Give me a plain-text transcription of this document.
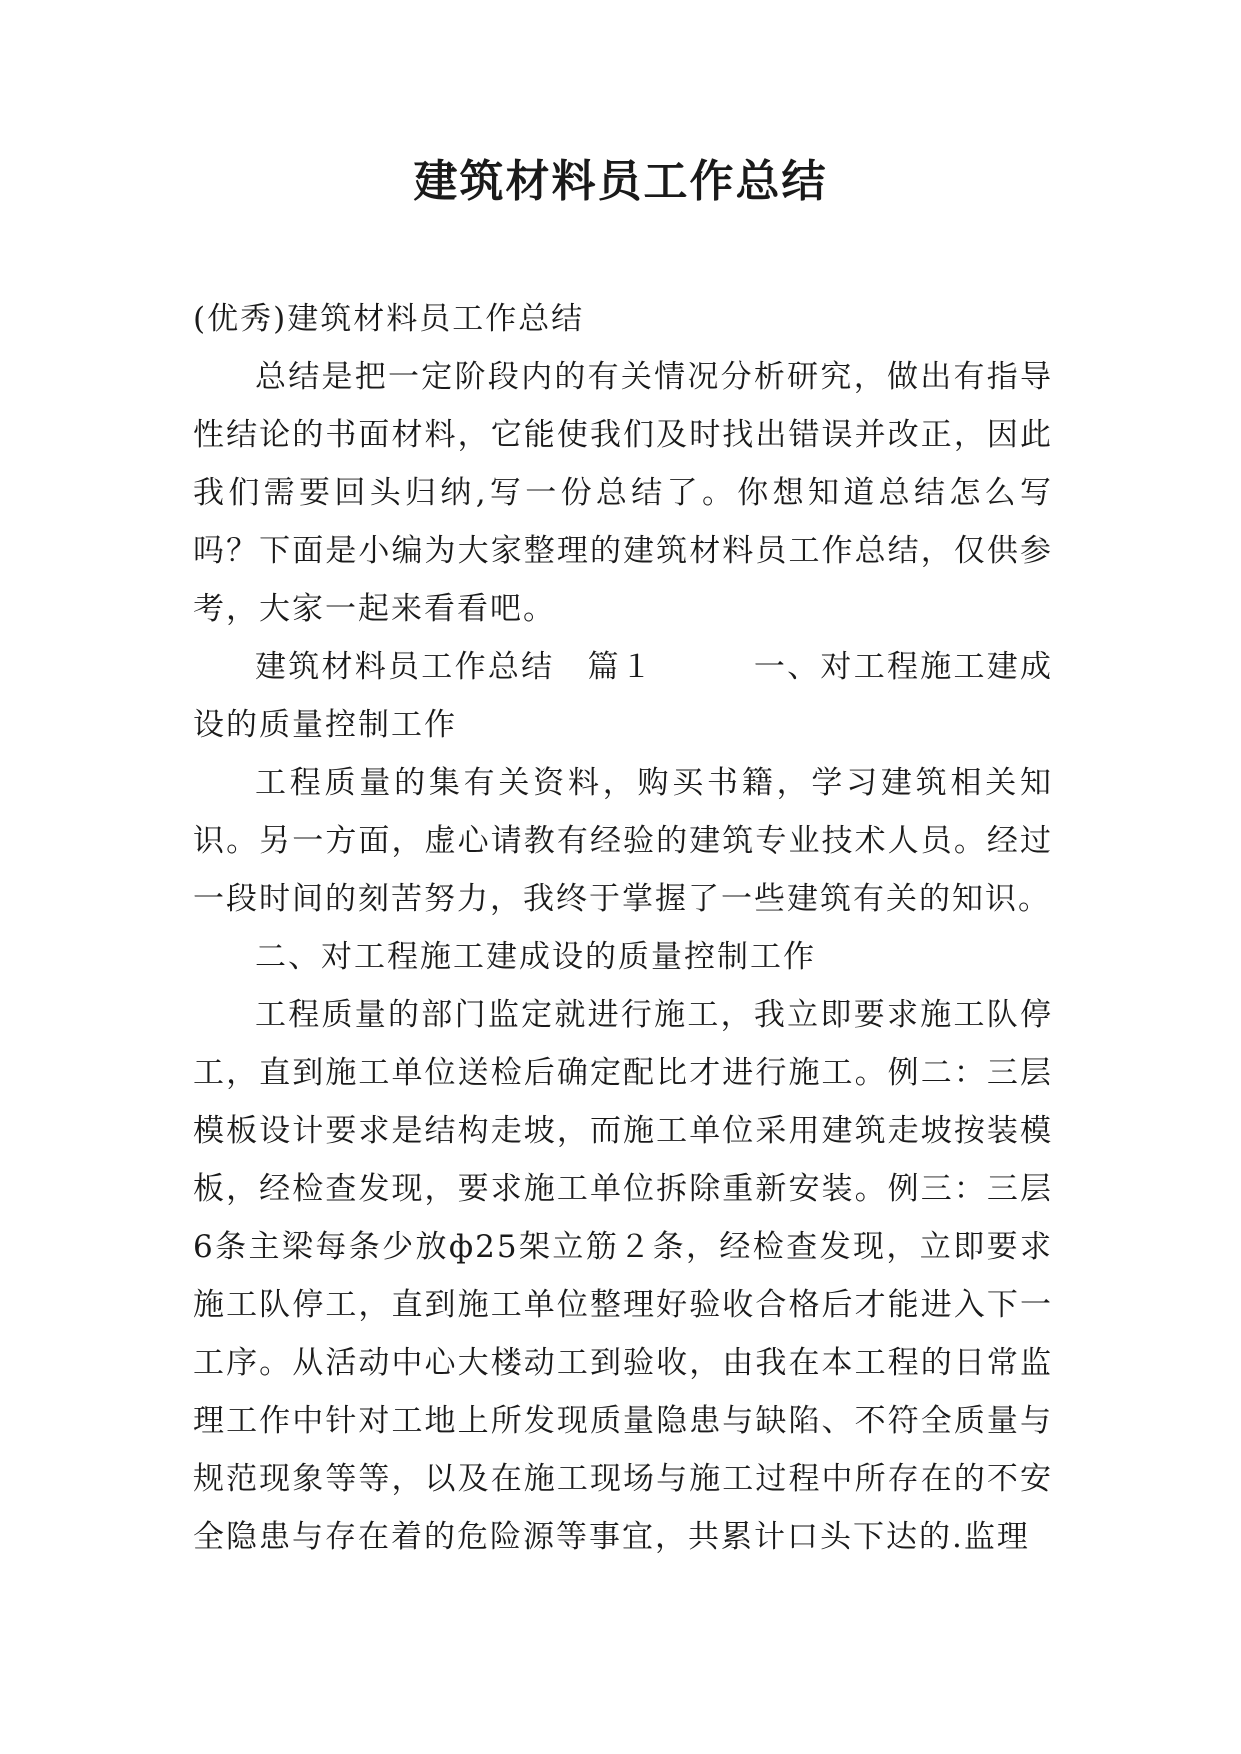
建筑材料员工作总结

(优秀)建筑材料员工作总结

总结是把一定阶段内的有关情况分析研究，做出有指导性结论的书面材料，它能使我们及时找出错误并改正，因此我们需要回头归纳,写一份总结了。你想知道总结怎么写吗？下面是小编为大家整理的建筑材料员工作总结，仅供参考，大家一起来看看吧。

建筑材料员工作总结　篇１　　　一、对工程施工建成设的质量控制工作

工程质量的集有关资料，购买书籍，学习建筑相关知识。另一方面，虚心请教有经验的建筑专业技术人员。经过一段时间的刻苦努力，我终于掌握了一些建筑有关的知识。

二、对工程施工建成设的质量控制工作

工程质量的部门监定就进行施工，我立即要求施工队停工，直到施工单位送检后确定配比才进行施工。例二：三层模板设计要求是结构走坡，而施工单位采用建筑走坡按装模板，经检查发现，要求施工单位拆除重新安装。例三：三层6条主梁每条少放ф25架立筋２条，经检查发现，立即要求施工队停工，直到施工单位整理好验收合格后才能进入下一工序。从活动中心大楼动工到验收，由我在本工程的日常监理工作中针对工地上所发现质量隐患与缺陷、不符全质量与规范现象等等，以及在施工现场与施工过程中所存在的不安全隐患与存在着的危险源等事宜，共累计口头下达的.监理
